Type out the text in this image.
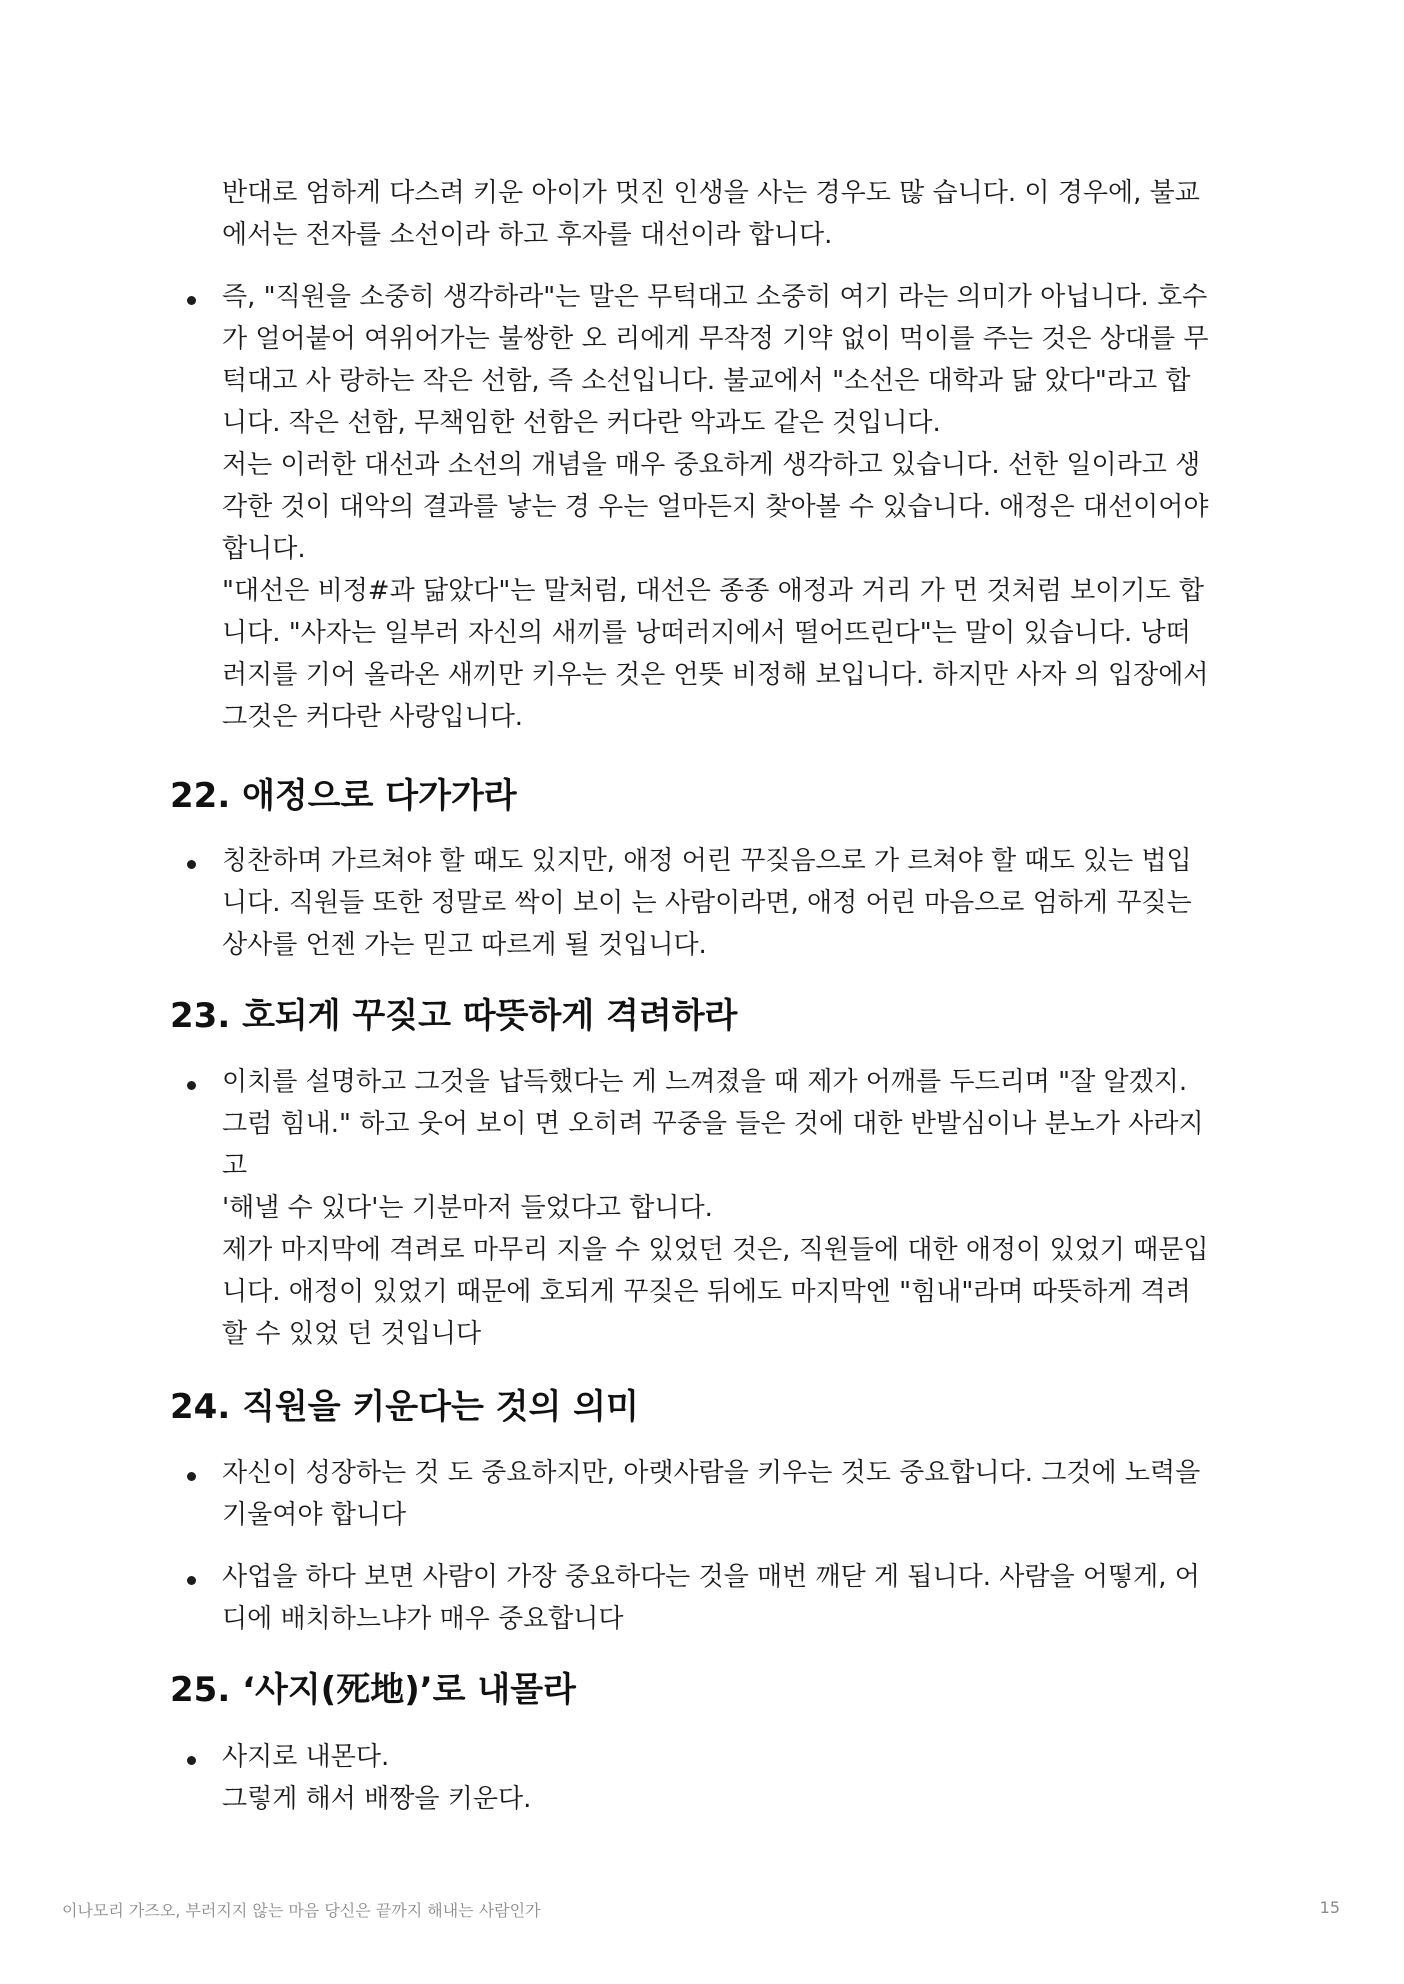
반대로 엄하게 다스려 키운 아이가 멋진 인생을 사는 경우도 많 습니다. 이 경우에, 불교
에서는 전자를 소선이라 하고 후자를 대선이라 합니다.
즉, "직원을 소중히 생각하라"는 말은 무턱대고 소중히 여기 라는 의미가 아닙니다. 호수
가 얼어붙어 여위어가는 불쌍한 오 리에게 무작정 기약 없이 먹이를 주는 것은 상대를 무
턱대고 사 랑하는 작은 선함, 즉 소선입니다. 불교에서 "소선은 대학과 닮 았다"라고 합
니다. 작은 선함, 무책임한 선함은 커다란 악과도 같은 것입니다.
저는 이러한 대선과 소선의 개념을 매우 중요하게 생각하고 있습니다. 선한 일이라고 생
각한 것이 대악의 결과를 낳는 경 우는 얼마든지 찾아볼 수 있습니다. 애정은 대선이어야
합니다.
"대선은 비정#과 닮았다"는 말처럼, 대선은 종종 애정과 거리 가 먼 것처럼 보이기도 합
니다. "사자는 일부러 자신의 새끼를 낭떠러지에서 떨어뜨린다"는 말이 있습니다. 낭떠
러지를 기어 올라온 새끼만 키우는 것은 언뜻 비정해 보입니다. 하지만 사자 의 입장에서
그것은 커다란 사랑입니다.
22. 애정으로 다가가라
칭찬하며 가르쳐야 할 때도 있지만, 애정 어린 꾸짖음으로 가 르쳐야 할 때도 있는 법입
니다. 직원들 또한 정말로 싹이 보이 는 사람이라면, 애정 어린 마음으로 엄하게 꾸짖는
상사를 언젠 가는 믿고 따르게 될 것입니다.
23. 호되게 꾸짖고 따뜻하게 격려하라
이치를 설명하고 그것을 납득했다는 게 느껴졌을 때 제가 어깨를 두드리며 "잘 알겠지.
그럼 힘내." 하고 웃어 보이 면 오히려 꾸중을 들은 것에 대한 반발심이나 분노가 사라지
고
'해낼 수 있다'는 기분마저 들었다고 합니다.
제가 마지막에 격려로 마무리 지을 수 있었던 것은, 직원들에 대한 애정이 있었기 때문입
니다. 애정이 있었기 때문에 호되게 꾸짖은 뒤에도 마지막엔 "힘내"라며 따뜻하게 격려
할 수 있었 던 것입니다
24. 직원을 키운다는 것의 의미
자신이 성장하는 것 도 중요하지만, 아랫사람을 키우는 것도 중요합니다. 그것에 노력을
기울여야 합니다
사업을 하다 보면 사람이 가장 중요하다는 것을 매번 깨닫 게 됩니다. 사람을 어떻게, 어
디에 배치하느냐가 매우 중요합니다
25. ‘사지(死地)’로 내몰라
사지로 내몬다.
그렇게 해서 배짱을 키운다.
이나모리 가즈오, 부러지지 않는 마음 당신은 끝까지 해내는 사람인가	15
